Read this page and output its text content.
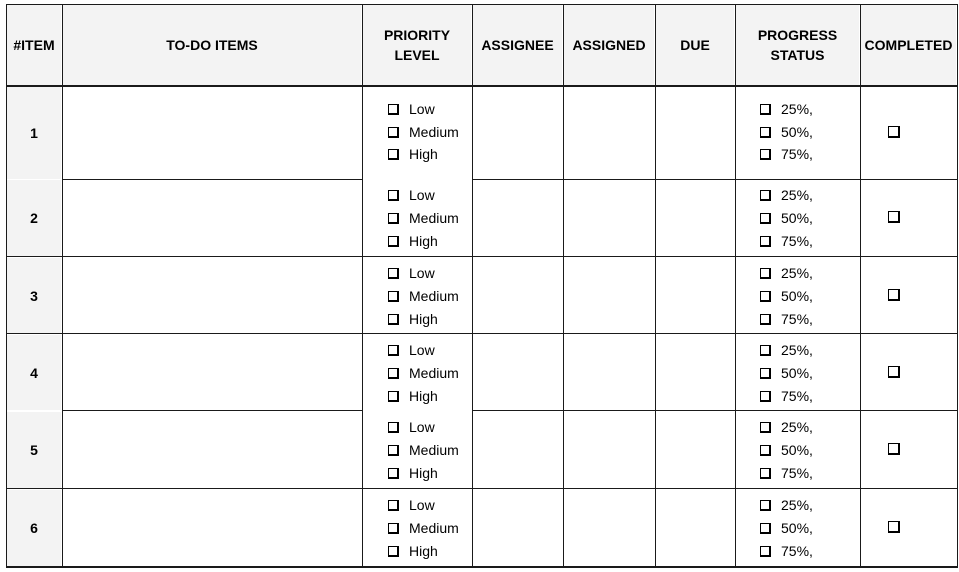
#ITEM	TO-DO ITEMS
PRIORITY
LEVEL
ASSIGNEE ASSIGNED DUE
PROGRESS
STATUS
COMPLETED
1
Low
Medium
High
25%,
50%,
75%,
2
Low
Medium
High
25%,
50%,
75%,
3
Low
Medium
High
25%,
50%,
75%,
4
Low
Medium
High
25%,
50%,
75%,
5
Low
Medium
High
25%,
50%,
75%,
6
Low
Medium
High
25%,
50%,
75%,
